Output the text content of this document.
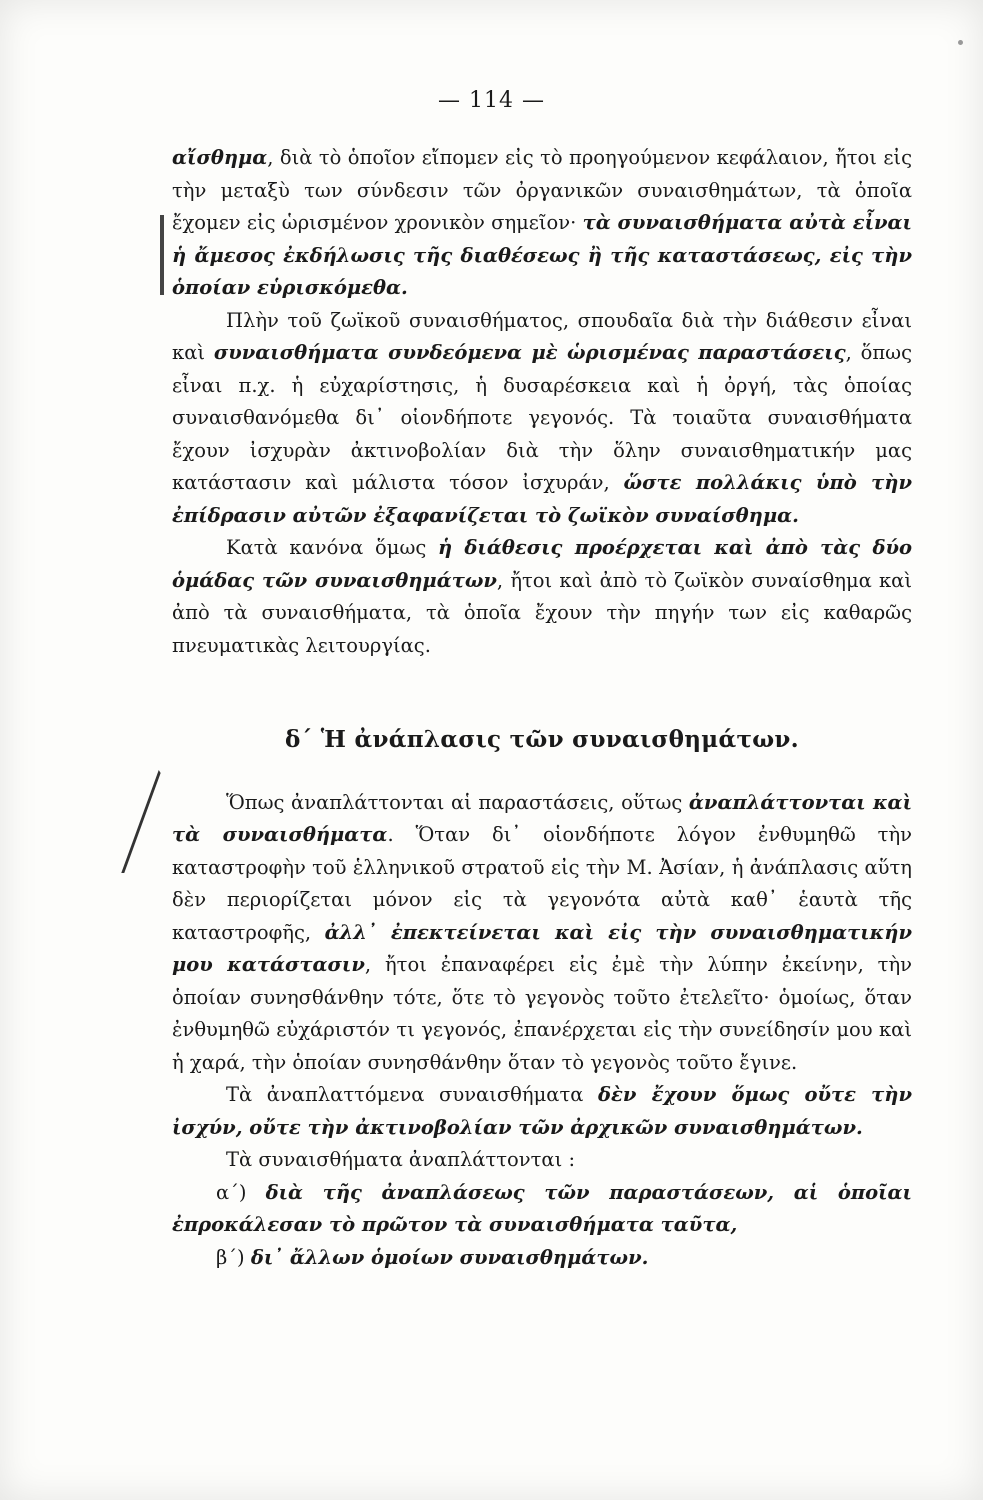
— 114 —

αἴσθημα, διὰ τὸ ὁποῖον εἴπομεν εἰς τὸ προηγούμενον κεφάλαιον, ἤτοι εἰς τὴν μεταξὺ των σύνδεσιν τῶν ὀργανικῶν συναισθημάτων, τὰ ὁποῖα ἔχομεν εἰς ὡρισμένον χρονικὸν σημεῖον· τὰ συναισθήματα αὐτὰ εἶναι ἡ ἄμεσος ἐκδήλωσις τῆς διαθέσεως ἢ τῆς καταστάσεως, εἰς τὴν ὁποίαν εὑρισκόμεθα.

Πλὴν τοῦ ζωϊκοῦ συναισθήματος, σπουδαῖα διὰ τὴν διάθεσιν εἶναι καὶ συναισθήματα συνδεόμενα μὲ ὡρισμένας παραστάσεις, ὅπως εἶναι π.χ. ἡ εὐχαρίστησις, ἡ δυσαρέσκεια καὶ ἡ ὀργή, τὰς ὁποίας συναισθανόμεθα δι᾽ οἱονδήποτε γεγονός. Τὰ τοιαῦτα συναισθήματα ἔχουν ἰσχυρὰν ἀκτινοβολίαν διὰ τὴν ὅλην συναισθηματικήν μας κατάστασιν καὶ μάλιστα τόσον ἰσχυράν, ὥστε πολλάκις ὑπὸ τὴν ἐπίδρασιν αὐτῶν ἐξαφανίζεται τὸ ζωϊκὸν συναίσθημα.

Κατὰ κανόνα ὅμως ἡ διάθεσις προέρχεται καὶ ἀπὸ τὰς δύο ὁμάδας τῶν συναισθημάτων, ἤτοι καὶ ἀπὸ τὸ ζωϊκὸν συναίσθημα καὶ ἀπὸ τὰ συναισθήματα, τὰ ὁποῖα ἔχουν τὴν πηγήν των εἰς καθαρῶς πνευματικὰς λειτουργίας.

δ΄ Ἡ ἀνάπλασις τῶν συναισθημάτων.

Ὅπως ἀναπλάττονται αἱ παραστάσεις, οὕτως ἀναπλάττονται καὶ τὰ συναισθήματα. Ὅταν δι᾽ οἱονδήποτε λόγον ἐνθυμηθῶ τὴν καταστροφὴν τοῦ ἑλληνικοῦ στρατοῦ εἰς τὴν Μ. Ἀσίαν, ἡ ἀνάπλασις αὕτη δὲν περιορίζεται μόνον εἰς τὰ γεγονότα αὐτὰ καθ᾽ ἑαυτὰ τῆς καταστροφῆς, ἀλλ᾽ ἐπεκτείνεται καὶ εἰς τὴν συναισθηματικήν μου κατάστασιν, ἤτοι ἐπαναφέρει εἰς ἐμὲ τὴν λύπην ἐκείνην, τὴν ὁποίαν συνησθάνθην τότε, ὅτε τὸ γεγονὸς τοῦτο ἐτελεῖτο· ὁμοίως, ὅταν ἐνθυμηθῶ εὐχάριστόν τι γεγονός, ἐπανέρχεται εἰς τὴν συνείδησίν μου καὶ ἡ χαρά, τὴν ὁποίαν συνησθάνθην ὅταν τὸ γεγονὸς τοῦτο ἔγινε.

Τὰ ἀναπλαττόμενα συναισθήματα δὲν ἔχουν ὅμως οὔτε τὴν ἰσχύν, οὔτε τὴν ἀκτινοβολίαν τῶν ἀρχικῶν συναισθημάτων.

Τὰ συναισθήματα ἀναπλάττονται :

α΄) διὰ τῆς ἀναπλάσεως τῶν παραστάσεων, αἱ ὁποῖαι ἐπροκάλεσαν τὸ πρῶτον τὰ συναισθήματα ταῦτα,

β΄) δι᾽ ἄλλων ὁμοίων συναισθημάτων.
